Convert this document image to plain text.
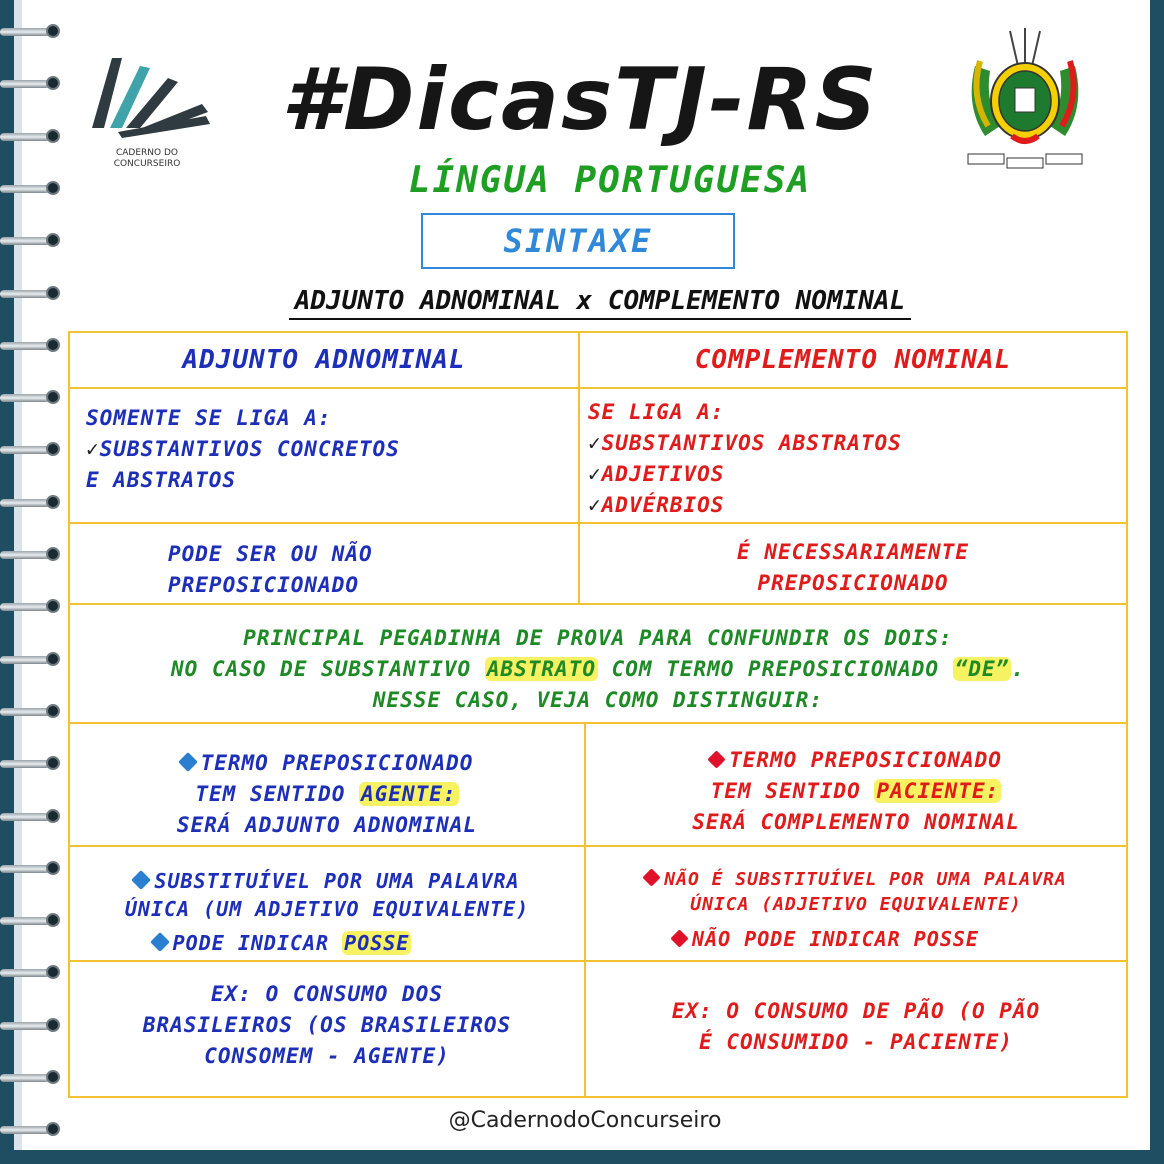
CADERNO DO
CONCURSEIRO
#DicasTJ-RS
LÍNGUA PORTUGUESA
SINTAXE
ADJUNTO ADNOMINAL x COMPLEMENTO NOMINAL
ADJUNTO ADNOMINAL	COMPLEMENTO NOMINAL
SOMENTE SE LIGA A:
✓SUBSTANTIVOS CONCRETOS
E ABSTRATOS
SE LIGA A:
✓SUBSTANTIVOS ABSTRATOS
✓ADJETIVOS
✓ADVÉRBIOS
PODE SER OU NÃO
PREPOSICIONADO
É NECESSARIAMENTE
PREPOSICIONADO
PRINCIPAL PEGADINHA DE PROVA PARA CONFUNDIR OS DOIS:
NO CASO DE SUBSTANTIVO ABSTRATO COM TERMO PREPOSICIONADO “DE”.
NESSE CASO, VEJA COMO DISTINGUIR:
TERMO PREPOSICIONADO
TEM SENTIDO AGENTE:
SERÁ ADJUNTO ADNOMINAL
TERMO PREPOSICIONADO
TEM SENTIDO PACIENTE:
SERÁ COMPLEMENTO NOMINAL
SUBSTITUÍVEL POR UMA PALAVRA
ÚNICA (UM ADJETIVO EQUIVALENTE)
PODE INDICAR POSSE
NÃO É SUBSTITUÍVEL POR UMA PALAVRA
ÚNICA (ADJETIVO EQUIVALENTE)
NÃO PODE INDICAR POSSE
EX: O CONSUMO DOS
BRASILEIROS (OS BRASILEIROS
CONSOMEM - AGENTE)
EX: O CONSUMO DE PÃO (O PÃO
É CONSUMIDO - PACIENTE)
@CadernodoConcurseiro
